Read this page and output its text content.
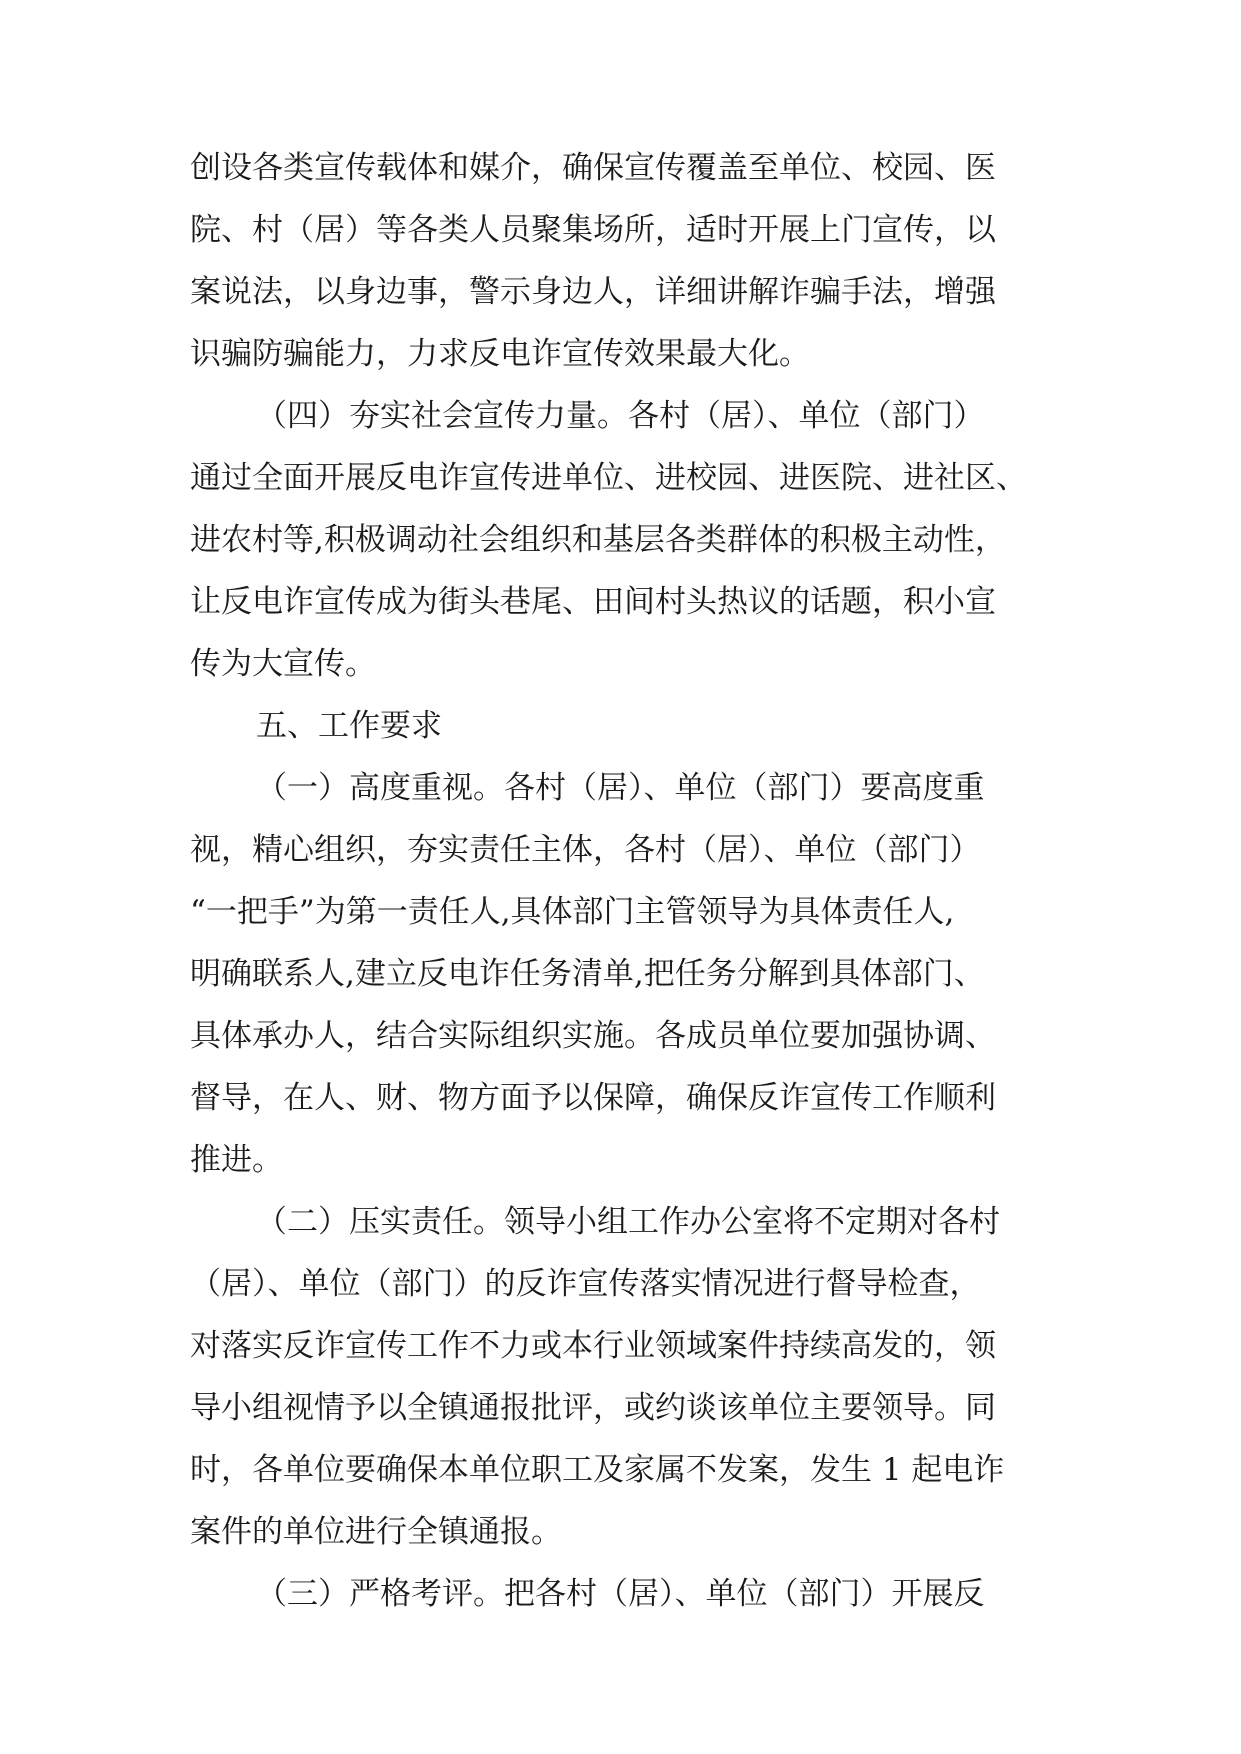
创设各类宣传载体和媒介，确保宣传覆盖至单位、校园、医

院、村（居）等各类人员聚集场所，适时开展上门宣传，以

案说法，以身边事，警示身边人，详细讲解诈骗手法，增强

识骗防骗能力，力求反电诈宣传效果最大化。

（四）夯实社会宣传力量。各村（居）、单位（部门）

通过全面开展反电诈宣传进单位、进校园、进医院、进社区、

进农村等,积极调动社会组织和基层各类群体的积极主动性，

让反电诈宣传成为街头巷尾、田间村头热议的话题，积小宣

传为大宣传。

五、工作要求

（一）高度重视。各村（居）、单位（部门）要高度重

视，精心组织，夯实责任主体，各村（居）、单位（部门）

“一把手”为第一责任人,具体部门主管领导为具体责任人,

明确联系人,建立反电诈任务清单,把任务分解到具体部门、

具体承办人，结合实际组织实施。各成员单位要加强协调、

督导，在人、财、物方面予以保障，确保反诈宣传工作顺利

推进。

（二）压实责任。领导小组工作办公室将不定期对各村

（居）、单位（部门）的反诈宣传落实情况进行督导检查，

对落实反诈宣传工作不力或本行业领域案件持续高发的，领

导小组视情予以全镇通报批评，或约谈该单位主要领导。同

时，各单位要确保本单位职工及家属不发案，发生 1 起电诈

案件的单位进行全镇通报。

（三）严格考评。把各村（居）、单位（部门）开展反
